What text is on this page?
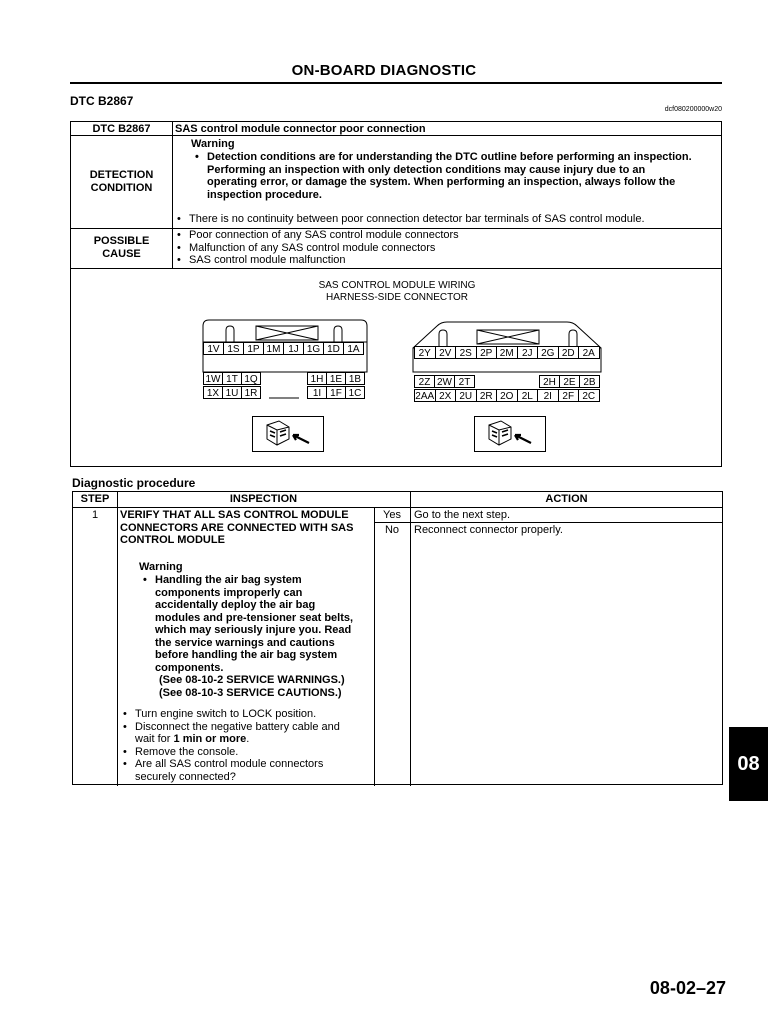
ON-BOARD DIAGNOSTIC
DTC B2867
dcf080200000w20
DTC B2867	SAS control module connector poor connection
DETECTION
CONDITION
Warning
• Detection conditions are for understanding the DTC outline before performing an inspection.
Performing an inspection with only detection conditions may cause injury due to an
operating error, or damage the system. When performing an inspection, always follow the
inspection procedure.
• There is no continuity between poor connection detector bar terminals of SAS control module.
POSSIBLE
CAUSE
• Poor connection of any SAS control module connectors
• Malfunction of any SAS control module connectors
• SAS control module malfunction
SAS CONTROL MODULE WIRING
HARNESS-SIDE CONNECTOR
1V 1S 1P 1M 1J 1G 1D 1A
1W 1T 1Q	1H 1E 1B
1X 1U 1R	1I 1F 1C
2Y 2V 2S 2P 2M 2J 2G 2D 2A
2Z 2W 2T	2H 2E 2B
2AA 2X 2U 2R 2O 2L	2I	2F 2C
Diagnostic procedure
STEP	INSPECTION	ACTION
1	VERIFY THAT ALL SAS CONTROL MODULE
CONNECTORS ARE CONNECTED WITH SAS
CONTROL MODULE
Warning
• Handling the air bag system
components improperly can
accidentally deploy the air bag
modules and pre-tensioner seat belts,
which may seriously injure you. Read
the service warnings and cautions
before handling the air bag system
components.
(See 08-10-2 SERVICE WARNINGS.)
(See 08-10-3 SERVICE CAUTIONS.)
• Turn engine switch to LOCK position.
• Disconnect the negative battery cable and
wait for 1 min or more.
• Remove the console.
• Are all SAS control module connectors
securely connected?
Yes	Go to the next step.
No	Reconnect connector properly.
08
08-02–27
